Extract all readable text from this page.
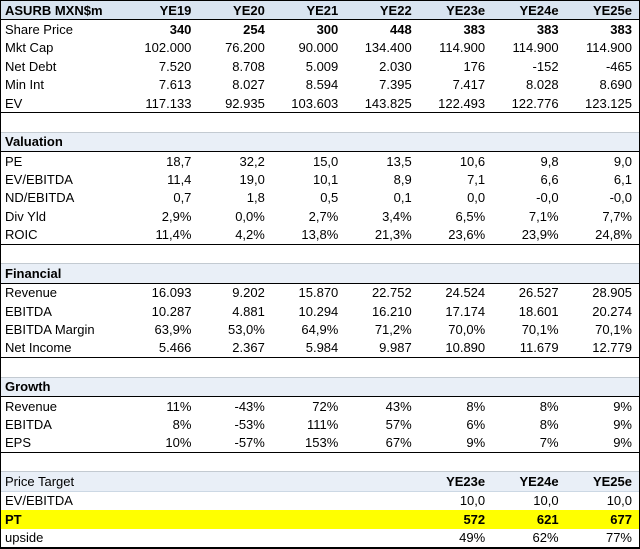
ASURB MXN$m	YE19	YE20	YE21	YE22	YE23e	YE24e	YE25e
Share Price	340	254	300	448	383	383	383
Mkt Cap	102.000	76.200	90.000	134.400	114.900	114.900	114.900
Net Debt	7.520	8.708	5.009	2.030	176	-152	-465
Min Int	7.613	8.027	8.594	7.395	7.417	8.028	8.690
EV	117.133	92.935	103.603	143.825	122.493	122.776	123.125
Valuation
PE	18,7	32,2	15,0	13,5	10,6	9,8	9,0
EV/EBITDA	11,4	19,0	10,1	8,9	7,1	6,6	6,1
ND/EBITDA	0,7	1,8	0,5	0,1	0,0	-0,0	-0,0
Div Yld	2,9%	0,0%	2,7%	3,4%	6,5%	7,1%	7,7%
ROIC	11,4%	4,2%	13,8%	21,3%	23,6%	23,9%	24,8%
Financial
Revenue	16.093	9.202	15.870	22.752	24.524	26.527	28.905
EBITDA	10.287	4.881	10.294	16.210	17.174	18.601	20.274
EBITDA Margin	63,9%	53,0%	64,9%	71,2%	70,0%	70,1%	70,1%
Net Income	5.466	2.367	5.984	9.987	10.890	11.679	12.779
Growth
Revenue	11%	-43%	72%	43%	8%	8%	9%
EBITDA	8%	-53%	111%	57%	6%	8%	9%
EPS	10%	-57%	153%	67%	9%	7%	9%
Price Target	YE23e	YE24e	YE25e
EV/EBITDA	10,0	10,0	10,0
PT	572	621	677
upside	49%	62%	77%
